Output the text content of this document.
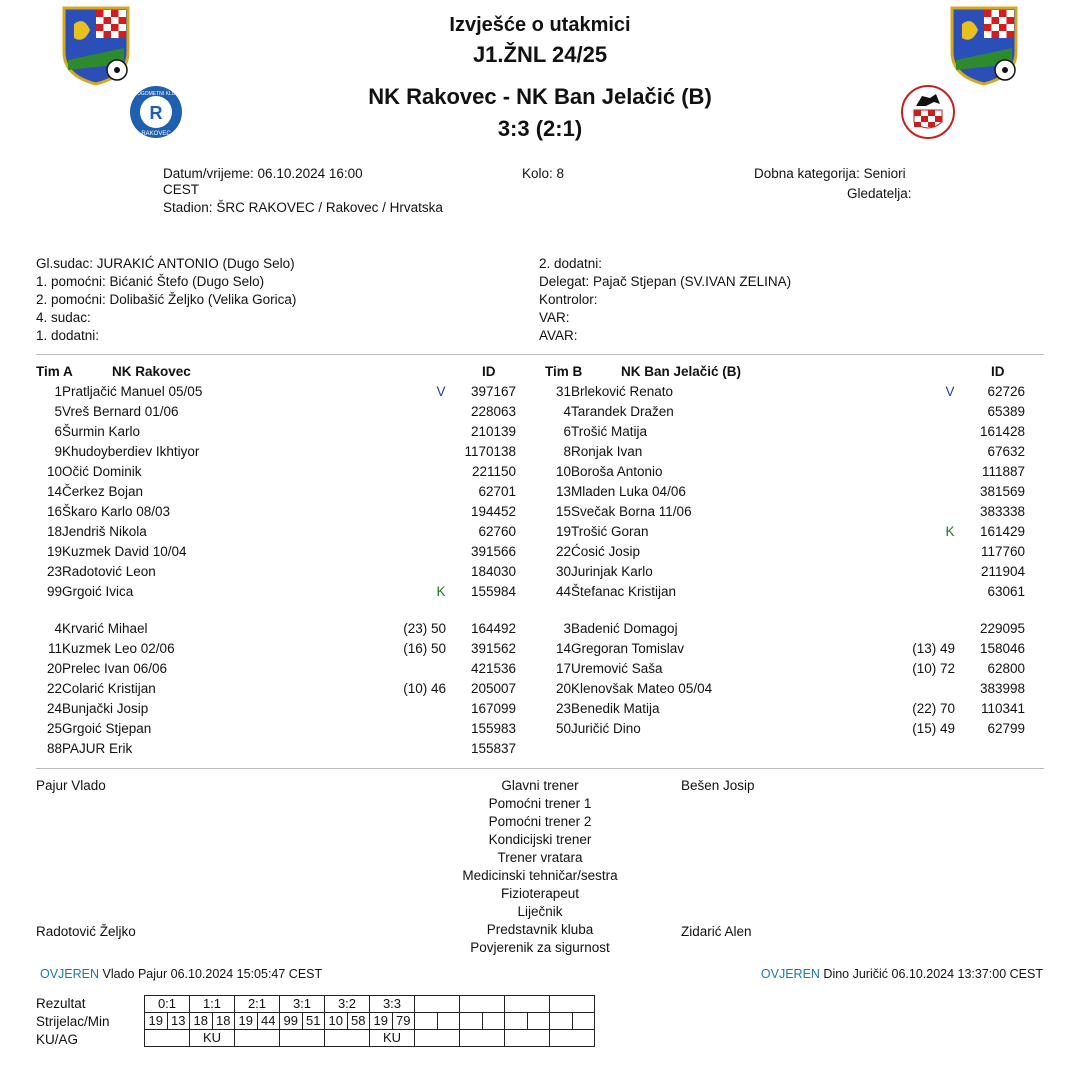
R
NOGOMETNI KLUB
RAKOVEC
Izvješće o utakmici
J1.ŽNL 24/25
NK Rakovec - NK Ban Jelačić (B)
3:3 (2:1)
Datum/vrijeme: 06.10.2024 16:00
CEST
Stadion: ŠRC RAKOVEC / Rakovec / Hrvatska
Kolo: 8	Dobna kategorija: Seniori
Gledatelja:
Gl.sudac: JURAKIĆ ANTONIO (Dugo Selo)
1. pomoćni: Bićanić Štefo (Dugo Selo)
2. pomoćni: Dolibašić Željko (Velika Gorica)
4. sudac:
1. dodatni:
2. dodatni:
Delegat: Pajač Stjepan (SV.IVAN ZELINA)
Kontrolor:
VAR:
AVAR:
Tim A	NK Rakovec	ID	Tim B	NK Ban Jelačić (B)	ID
1 Pratljačić Manuel 05/05	V	397167
5 Vreš Bernard 01/06	228063
6 Šurmin Karlo	210139
9 Khudoyberdiev Ikhtiyor	1170138
10 Očić Dominik	221150
14 Čerkez Bojan	62701
16 Škaro Karlo 08/03	194452
18 Jendriš Nikola	62760
19 Kuzmek David 10/04	391566
23 Radotović Leon	184030
99 Grgoić Ivica	K	155984
4 Krvarić Mihael	(23) 50	164492
11 Kuzmek Leo 02/06	(16) 50	391562
20 Prelec Ivan 06/06	421536
22 Colarić Kristijan	(10) 46	205007
24 Bunjački Josip	167099
25 Grgoić Stjepan	155983
88 PAJUR Erik	155837
31 Brleković Renato	V	62726
4 Tarandek Dražen	65389
6 Trošić Matija	161428
8 Ronjak Ivan	67632
10 Boroša Antonio	111887
13 Mladen Luka 04/06	381569
15 Svečak Borna 11/06	383338
19 Trošić Goran	K	161429
22 Ćosić Josip	117760
30 Jurinjak Karlo	211904
44 Štefanac Kristijan	63061
3 Badenić Domagoj	229095
14 Gregoran Tomislav	(13) 49	158046
17 Uremović Saša	(10) 72	62800
20 Klenovšak Mateo 05/04	383998
23 Benedik Matija	(22) 70	110341
50 Juričić Dino	(15) 49	62799
Pajur Vlado	Bešen Josip
Glavni trener
Pomoćni trener 1
Pomoćni trener 2
Kondicijski trener
Trener vratara
Medicinski tehničar/sestra
Fizioterapeut
Liječnik
Predstavnik kluba
Povjerenik za sigurnost
Radotović Željko	Zidarić Alen
OVJEREN Vlado Pajur 06.10.2024 15:05:47 CEST	OVJEREN Dino Juričić 06.10.2024 13:37:00 CEST
Rezultat
Strijelac/Min
KU/AG
0:1		1:1		2:1		3:1		3:2		3:3									
19	13	18	18	19	44	99	51	10	58	19	79								
		KU								KU									
